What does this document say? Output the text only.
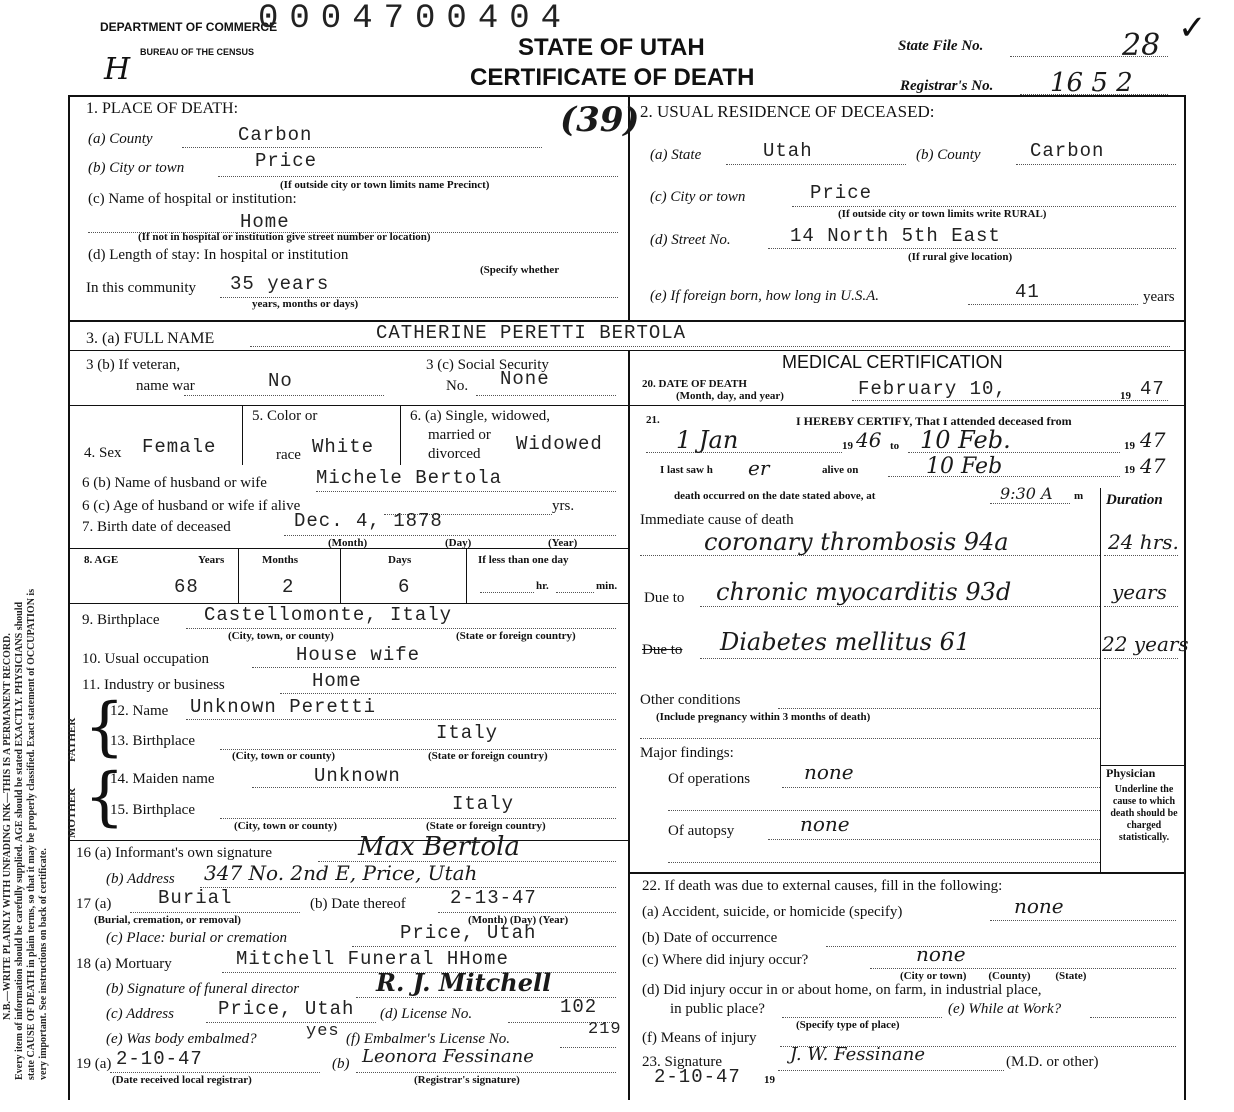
DEPARTMENT OF COMMERCE
BUREAU OF THE CENSUS
H
0004700404
STATE OF UTAH
CERTIFICATE OF DEATH
State File No.	28 ✓
Registrar's No. 16 5 2
(39)
N.B.—WRITE PLAINLY WITH UNFADING INK—THIS IS A PERMANENT RECORD. Every item of information should be carefully supplied. AGE should be stated EXACTLY. PHYSICIANS should state CAUSE OF DEATH in plain terms, so that it may be properly classified. Exact statement of OCCUPATION is very important. See instructions on back of certificate.
1. PLACE OF DEATH:
(a) County	Carbon
(b) City or town	Price
(If outside city or town limits name Precinct)
(c) Name of hospital or institution:
Home
(If not in hospital or institution give street number or location)
(d) Length of stay: In hospital or institution
(Specify whether
In this community 35 years
years, months or days)
2. USUAL RESIDENCE OF DECEASED:
(a) State	Utah	(b) County	Carbon
(c) City or town	Price
(If outside city or town limits write RURAL)
(d) Street No.	14 North 5th East
(If rural give location)
(e) If foreign born, how long in U.S.A.	41	years
3. (a) FULL NAME	CATHERINE PERETTI BERTOLA
3 (b) If veteran,
name war	No
3 (c) Social Security
No. None
4. Sex Female
5. Color or
race White
6. (a) Single, widowed,
married or
divorced Widowed
6 (b) Name of husband or wife	Michele Bertola
6 (c) Age of husband or wife if alive	yrs.
7. Birth date of deceased	Dec. 4, 1878
(Month)	(Day)	(Year)
8. AGE	Years	Months	Days	If less than one day
68	2	6	hr.	min.
9. Birthplace Castellomonte, Italy
(City, town, or county)	(State or foreign country)
10. Usual occupation	House wife
11. Industry or business	Home
FATHER
MOTHER
{
{
12. Name Unknown Peretti
13. Birthplace	Italy
(City, town or county)	(State or foreign country)
14. Maiden name	Unknown
15. Birthplace	Italy
(City, town or county)	(State or foreign country)
16 (a) Informant's own signature	Max Bertola
(b) Address 347 No. 2nd E, Price, Utah
17 (a) Burial
(Burial, cremation, or removal)
(b) Date thereof 2-13-47
(Month) (Day) (Year)
(c) Place: burial or cremation	Price, Utah
18 (a) Mortuary	Mitchell Funeral HHome
(b) Signature of funeral director	R. J. Mitchell
(c) Address Price, Utah (d) License No.	102
(e) Was body embalmed?	yes (f) Embalmer's License No.	219
19 (a) 2-10-47
(Date received local registrar)
(b) Leonora Fessinane
(Registrar's signature)
MEDICAL CERTIFICATION
20. DATE OF DEATH
(Month, day, and year)	February 10,	19 47
21.	I HEREBY CERTIFY, That I attended deceased from
1 Jan	19 46 to 10 Feb.	19 47
I last saw h er	alive on	10 Feb	19 47
death occurred on the date stated above, at	9:30 A m Duration
Immediate cause of death
coronary thrombosis 94a	24 hrs.
Due to chronic myocarditis 93d	years
Due to Diabetes mellitus 61	22 years
Other conditions
(Include pregnancy within 3 months of death)
Major findings:
Of operations	none
Of autopsy	none
Physician
Underline the cause to which death should be charged statistically.
22. If death was due to external causes, fill in the following:
(a) Accident, suicide, or homicide (specify)	none
(b) Date of occurrence
(c) Where did injury occur?	none
(City or town)        (County)         (State)
(d) Did injury occur in or about home, on farm, in industrial place,
in public place?
(Specify type of place)
(e) While at Work?
(f) Means of injury
23. Signature	J. W. Fessinane	(M.D. or other)
2-10-47 19
